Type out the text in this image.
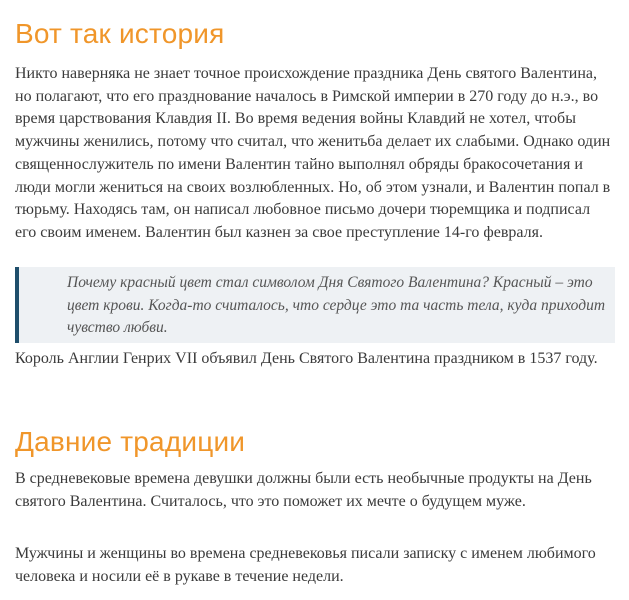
Вот так история

Никто наверняка не знает точное происхождение праздника День святого Валентина, но полагают, что его празднование началось в Римской империи в 270 году до н.э., во время царствования Клавдия II. Во время ведения войны Клавдий не хотел, чтобы мужчины женились, потому что считал, что женитьба делает их слабыми. Однако один священнослужитель по имени Валентин тайно выполнял обряды бракосочетания и люди могли жениться на своих возлюбленных. Но, об этом узнали, и Валентин попал в тюрьму. Находясь там, он написал любовное письмо дочери тюремщика и подписал его своим именем. Валентин был казнен за свое преступление 14-го февраля.

Почему красный цвет стал символом Дня Святого Валентина? Красный – это цвет крови. Когда-то считалось, что сердце это та часть тела, куда приходит чувство любви.

Король Англии Генрих VII объявил День Святого Валентина праздником в 1537 году.

Давние традиции

В средневековые времена девушки должны были есть необычные продукты на День святого Валентина. Считалось, что это поможет их мечте о будущем муже.

Мужчины и женщины во времена средневековья писали записку с именем любимого человека и носили её в рукаве в течение недели.
